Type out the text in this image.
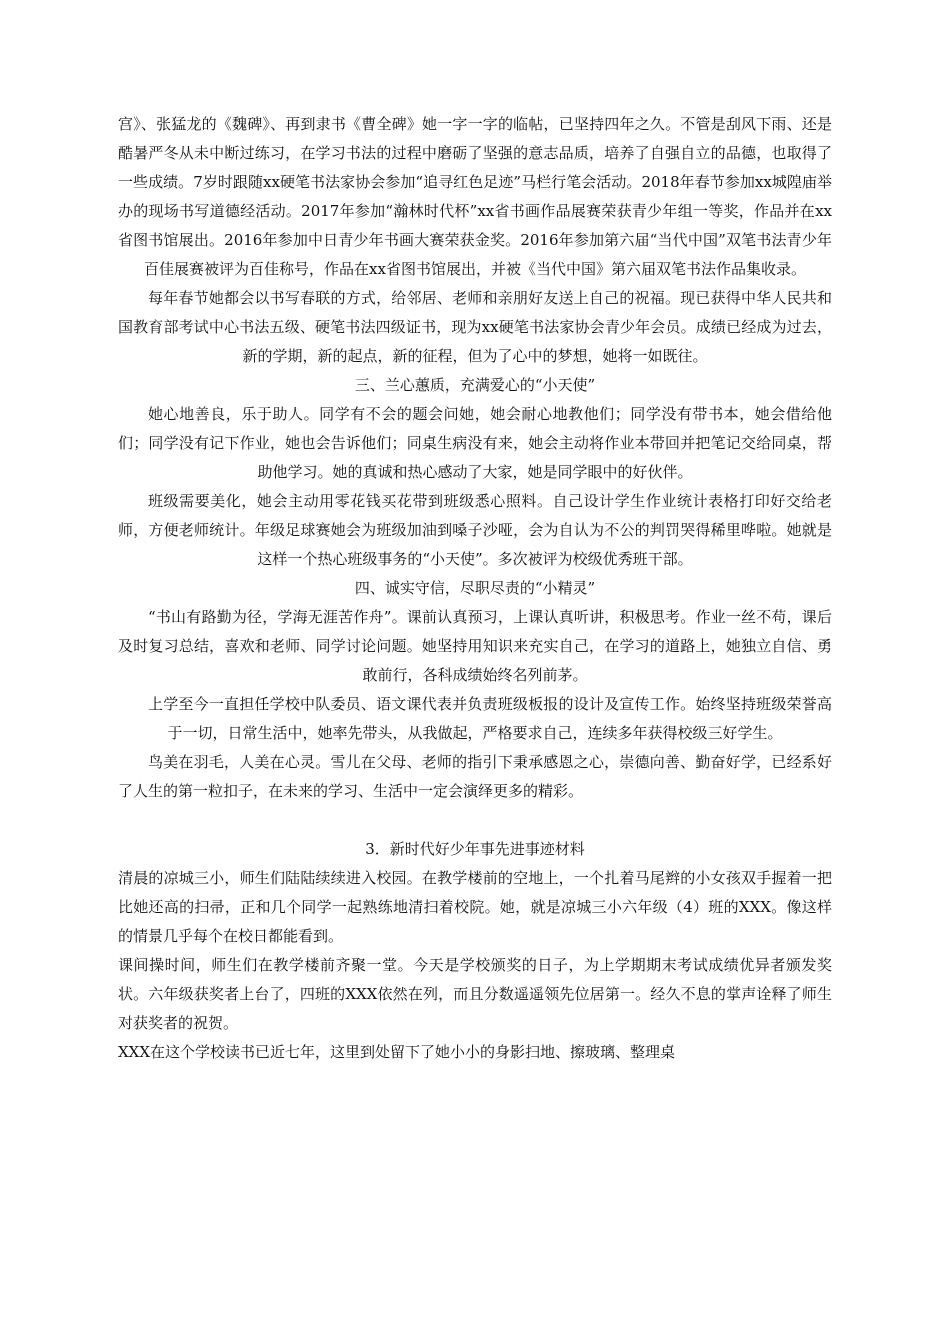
宫》、张猛龙的《魏碑》、再到隶书《曹全碑》她一字一字的临帖，已坚持四年之久。不管是刮风下雨、还是酷暑严冬从未中断过练习，在学习书法的过程中磨砺了坚强的意志品质，培养了自强自立的品德，也取得了一些成绩。7岁时跟随xx硬笔书法家协会参加“追寻红色足迹”马栏行笔会活动。2018年春节参加xx城隍庙举办的现场书写道德经活动。2017年参加“瀚林时代杯”xx省书画作品展赛荣获青少年组一等奖，作品并在xx省图书馆展出。2016年参加中日青少年书画大赛荣获金奖。2016年参加第六届“当代中国”双笔书法青少年百佳展赛被评为百佳称号，作品在xx省图书馆展出，并被《当代中国》第六届双笔书法作品集收录。

每年春节她都会以书写春联的方式，给邻居、老师和亲朋好友送上自己的祝福。现已获得中华人民共和国教育部考试中心书法五级、硬笔书法四级证书，现为xx硬笔书法家协会青少年会员。成绩已经成为过去，新的学期，新的起点，新的征程，但为了心中的梦想，她将一如既往。

三、兰心蕙质，充满爱心的“小天使”

她心地善良，乐于助人。同学有不会的题会问她，她会耐心地教他们；同学没有带书本，她会借给他们；同学没有记下作业，她也会告诉他们；同桌生病没有来，她会主动将作业本带回并把笔记交给同桌，帮助他学习。她的真诚和热心感动了大家，她是同学眼中的好伙伴。

班级需要美化，她会主动用零花钱买花带到班级悉心照料。自己设计学生作业统计表格打印好交给老师，方便老师统计。年级足球赛她会为班级加油到嗓子沙哑，会为自认为不公的判罚哭得稀里哗啦。她就是这样一个热心班级事务的“小天使”。多次被评为校级优秀班干部。

四、诚实守信，尽职尽责的“小精灵”

“书山有路勤为径，学海无涯苦作舟”。课前认真预习，上课认真听讲，积极思考。作业一丝不苟，课后及时复习总结，喜欢和老师、同学讨论问题。她坚持用知识来充实自己，在学习的道路上，她独立自信、勇敢前行，各科成绩始终名列前茅。

上学至今一直担任学校中队委员、语文课代表并负责班级板报的设计及宣传工作。始终坚持班级荣誉高于一切，日常生活中，她率先带头，从我做起，严格要求自己，连续多年获得校级三好学生。

鸟美在羽毛，人美在心灵。雪儿在父母、老师的指引下秉承感恩之心，崇德向善、勤奋好学，已经系好了人生的第一粒扣子，在未来的学习、生活中一定会演绎更多的精彩。

3．新时代好少年事先进事迹材料

清晨的凉城三小，师生们陆陆续续进入校园。在教学楼前的空地上，一个扎着马尾辫的小女孩双手握着一把比她还高的扫帚，正和几个同学一起熟练地清扫着校院。她，就是凉城三小六年级（4）班的XXX。像这样的情景几乎每个在校日都能看到。

课间操时间，师生们在教学楼前齐聚一堂。今天是学校颁奖的日子，为上学期期末考试成绩优异者颁发奖状。六年级获奖者上台了，四班的XXX依然在列，而且分数遥遥领先位居第一。经久不息的掌声诠释了师生对获奖者的祝贺。

XXX在这个学校读书已近七年，这里到处留下了她小小的身影扫地、擦玻璃、整理桌
